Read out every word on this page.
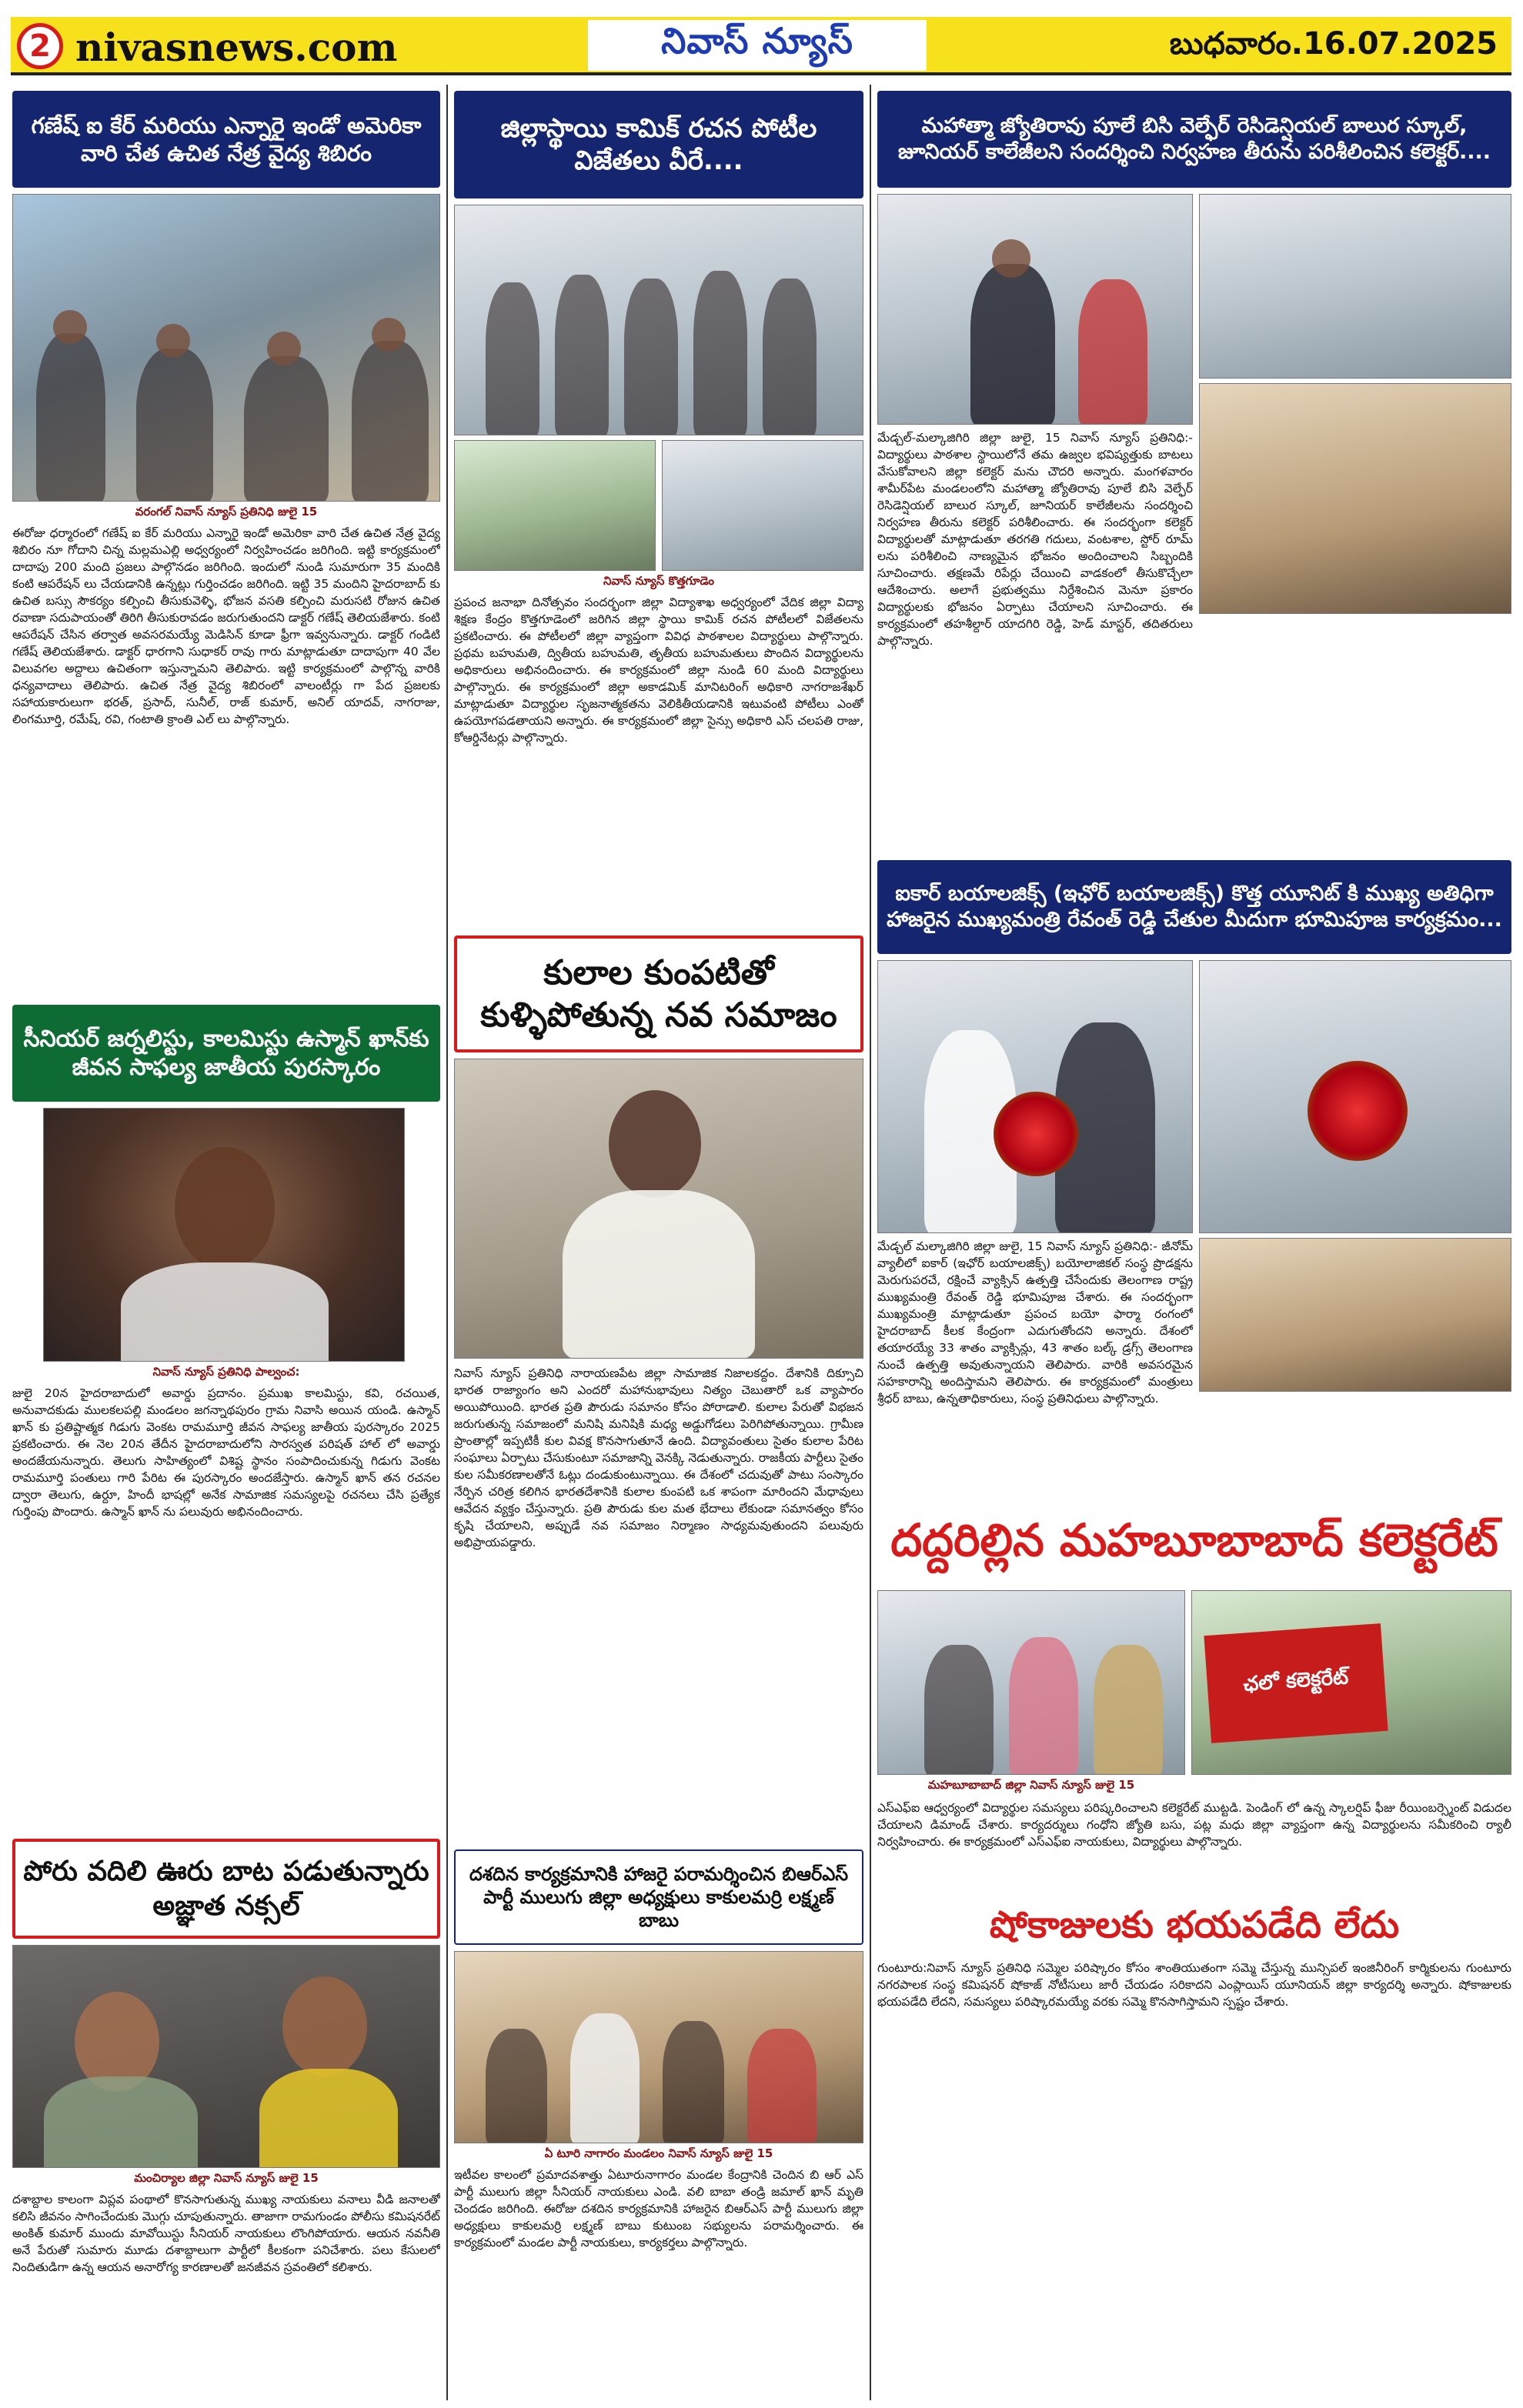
2 nivasnews.com	నివాస్ న్యూస్	బుధవారం.16.07.2025
గణేష్ ఐ కేర్ మరియు ఎన్నారై ఇండో అమెరికా వారి చేత ఉచిత నేత్ర వైద్య శిబిరం
వరంగల్ నివాస్ న్యూస్ ప్రతినిధి జులై 15
ఈరోజు ధర్మారంలో గణేష్ ఐ కేర్ మరియు ఎన్నారై ఇండో అమెరికా వారి చేత ఉచిత నేత్ర వైద్య శిబిరం నూ గోదాని చిన్న మల్లమఎల్లి అధ్వర్యంలో నిర్వహించడం జరిగింది. ఇట్టి కార్యక్రమంలో దాదాపు 200 మంది ప్రజలు పాల్గొనడం జరిగింది. ఇందులో నుండి సుమారుగా 35 మందికి కంటి ఆపరేషన్ లు చేయడానికి ఉన్నట్లు గుర్తించడం జరిగింది. ఇట్టి 35 మందిని హైదరాబాద్ కు ఉచిత బస్సు సౌకర్యం కల్పించి తీసుకువెళ్ళి, భోజన వసతి కల్పించి మరుసటి రోజున ఉచిత రవాణా సదుపాయంతో తిరిగి తీసుకురావడం జరుగుతుందని డాక్టర్ గణేష్ తెలియజేశారు. కంటి ఆపరేషన్ చేసిన తర్వాత అవసరమయ్యే మెడిసిన్ కూడా ఫ్రీగా ఇవ్వనున్నారు. డాక్టర్ గండిటి గణేష్ తెలియజేశారు. డాక్టర్ ధారగాని సుధాకర్ రావు గారు మాట్లాడుతూ దాదాపుగా 40 వేల విలువగల అద్దాలు ఉచితంగా ఇస్తున్నామని తెలిపారు. ఇట్టి కార్యక్రమంలో పాల్గొన్న వారికి ధన్యవాదాలు తెలిపారు. ఉచిత నేత్ర వైద్య శిబిరంలో వాలంటీర్లు గా పేద ప్రజలకు సహాయకారులుగా భరత్, ప్రసాద్, సునీల్, రాజ్ కుమార్, అనిల్ యాదవ్, నాగరాజు, లింగమూర్తి, రమేష్, రవి, గంటాతి క్రాంతి ఎల్ లు పాల్గొన్నారు.
సీనియర్ జర్నలిస్టు, కాలమిస్టు ఉస్మాన్ ఖాన్‌కు జీవన సాఫల్య జాతీయ పురస్కారం
నివాస్ న్యూస్ ప్రతినిధి పాల్వంచ:
జులై 20న హైదరాబాదులో అవార్డు ప్రదానం. ప్రముఖ కాలమిస్టు, కవి, రచయిత, అనువాదకుడు ములకలపల్లి మండలం జగన్నాథపురం గ్రామ నివాసి అయిన యండి. ఉస్మాన్ ఖాన్ కు ప్రతిష్టాత్మక గిడుగు వెంకట రామమూర్తి జీవన సాఫల్య జాతీయ పురస్కారం 2025 ప్రకటించారు. ఈ నెల 20న తేదీన హైదరాబాదులోని సారస్వత పరిషత్ హాల్ లో అవార్డు అందజేయనున్నారు. తెలుగు సాహిత్యంలో విశిష్ట స్థానం సంపాదించుకున్న గిడుగు వెంకట రామమూర్తి పంతులు గారి పేరిట ఈ పురస్కారం అందజేస్తారు. ఉస్మాన్ ఖాన్ తన రచనల ద్వారా తెలుగు, ఉర్దూ, హిందీ భాషల్లో అనేక సామాజిక సమస్యలపై రచనలు చేసి ప్రత్యేక గుర్తింపు పొందారు. ఉస్మాన్ ఖాన్ ను పలువురు అభినందించారు.
పోరు వదిలి ఊరు బాట పడుతున్నారు అజ్ఞాత నక్సల్
మంచిర్యాల జిల్లా నివాస్ న్యూస్ జులై 15
దశాబ్దాల కాలంగా విప్లవ పంథాలో కొనసాగుతున్న ముఖ్య నాయకులు వనాలు వీడి జనాలతో కలిసి జీవనం సాగించేందుకు మొగ్గు చూపుతున్నారు. తాజాగా రామగుండం పోలీసు కమిషనరేట్ అంకిత్ కుమార్ ముందు మావోయిస్టు సీనియర్ నాయకులు లొంగిపోయారు. ఆయన నవనీతి అనే పేరుతో సుమారు మూడు దశాబ్దాలుగా పార్టీలో కీలకంగా పనిచేశారు. పలు కేసులలో నిందితుడిగా ఉన్న ఆయన అనారోగ్య కారణాలతో జనజీవన స్రవంతిలో కలిశారు.
జిల్లాస్థాయి కామిక్ రచన పోటీల విజేతలు వీరే....
నివాస్ న్యూస్ కొత్తగూడెం
ప్రపంచ జనాభా దినోత్సవం సందర్భంగా జిల్లా విద్యాశాఖ అధ్వర్యంలో వేదిక జిల్లా విద్యా శిక్షణ కేంద్రం కొత్తగూడెంలో జరిగిన జిల్లా స్థాయి కామిక్ రచన పోటీలలో విజేతలను ప్రకటించారు. ఈ పోటీలలో జిల్లా వ్యాప్తంగా వివిధ పాఠశాలల విద్యార్థులు పాల్గొన్నారు. ప్రథమ బహుమతి, ద్వితీయ బహుమతి, తృతీయ బహుమతులు పొందిన విద్యార్థులను అధికారులు అభినందించారు. ఈ కార్యక్రమంలో జిల్లా నుండి 60 మంది విద్యార్థులు పాల్గొన్నారు. ఈ కార్యక్రమంలో జిల్లా అకాడమిక్ మానిటరింగ్ అధికారి నాగరాజశేఖర్ మాట్లాడుతూ విద్యార్థుల సృజనాత్మకతను వెలికితీయడానికి ఇటువంటి పోటీలు ఎంతో ఉపయోగపడతాయని అన్నారు. ఈ కార్యక్రమంలో జిల్లా సైన్సు అధికారి ఎస్ చలపతి రాజు, కోఆర్డినేటర్లు పాల్గొన్నారు.
కులాల కుంపటితో కుళ్ళిపోతున్న నవ సమాజం
నివాస్ న్యూస్ ప్రతినిధి నారాయణపేట జిల్లా సామాజిక నిజాలకద్దం. దేశానికి దిక్సూచి భారత రాజ్యాంగం అని ఎందరో మహానుభావులు నిత్యం చెబుతారో ఒక వ్యాపారం అయిపోయింది. భారత ప్రతి పౌరుడు సమానం కోసం పోరాడాలి. కులాల పేరుతో విభజన జరుగుతున్న సమాజంలో మనిషి మనిషికి మధ్య అడ్డుగోడలు పెరిగిపోతున్నాయి. గ్రామీణ ప్రాంతాల్లో ఇప్పటికీ కుల వివక్ష కొనసాగుతూనే ఉంది. విద్యావంతులు సైతం కులాల పేరిట సంఘాలు ఏర్పాటు చేసుకుంటూ సమాజాన్ని వెనక్కి నెడుతున్నారు. రాజకీయ పార్టీలు సైతం కుల సమీకరణాలతోనే ఓట్లు దండుకుంటున్నాయి. ఈ దేశంలో చదువుతో పాటు సంస్కారం నేర్పిన చరిత్ర కలిగిన భారతదేశానికి కులాల కుంపటి ఒక శాపంగా మారిందని మేధావులు ఆవేదన వ్యక్తం చేస్తున్నారు. ప్రతి పౌరుడు కుల మత భేదాలు లేకుండా సమానత్వం కోసం కృషి చేయాలని, అప్పుడే నవ సమాజం నిర్మాణం సాధ్యమవుతుందని పలువురు అభిప్రాయపడ్డారు.
దశదిన కార్యక్రమానికి హాజరై పరామర్శించిన బిఆర్ఎస్ పార్టీ ములుగు జిల్లా అధ్యక్షులు కాకులమర్రి లక్ష్మణ్ బాబు
ఏ టూరి నాగారం మండలం నివాస్ న్యూస్ జులై 15
ఇటీవల కాలంలో ప్రమాదవశాత్తు ఏటూరునాగారం మండల కేంద్రానికి చెందిన బి ఆర్ ఎస్ పార్టీ ములుగు జిల్లా సీనియర్ నాయకులు ఎండి. వలి బాబా తండ్రి జమాల్ ఖాన్ మృతి చెందడం జరిగింది. ఈరోజు దశదిన కార్యక్రమానికి హాజరైన బిఆర్ఎస్ పార్టీ ములుగు జిల్లా అధ్యక్షులు కాకులమర్రి లక్ష్మణ్ బాబు కుటుంబ సభ్యులను పరామర్శించారు. ఈ కార్యక్రమంలో మండల పార్టీ నాయకులు, కార్యకర్తలు పాల్గొన్నారు.
మహాత్మా జ్యోతిరావు పూలే బిసి వెల్ఫేర్ రెసిడెన్షియల్ బాలుర స్కూల్, జూనియర్ కాలేజీలని సందర్శించి నిర్వహణ తీరును పరిశీలించిన కలెక్టర్....
మేడ్చల్-మల్కాజిగిరి జిల్లా జులై, 15 నివాస్ న్యూస్ ప్రతినిధి:- విద్యార్థులు పాఠశాల స్థాయిలోనే తమ ఉజ్వల భవిష్యత్తుకు బాటలు వేసుకోవాలని జిల్లా కలెక్టర్ మను చౌదరి అన్నారు. మంగళవారం శామీర్‌పేట మండలంలోని మహాత్మా జ్యోతిరావు పూలే బిసి వెల్ఫేర్ రెసిడెన్షియల్ బాలుర స్కూల్, జూనియర్ కాలేజీలను సందర్శించి నిర్వహణ తీరును కలెక్టర్ పరిశీలించారు. ఈ సందర్భంగా కలెక్టర్ విద్యార్థులతో మాట్లాడుతూ తరగతి గదులు, వంటశాల, స్టోర్ రూమ్ లను పరిశీలించి నాణ్యమైన భోజనం అందించాలని సిబ్బందికి సూచించారు. తక్షణమే రిపేర్లు చేయించి వాడకంలో తీసుకొచ్చేలా ఆదేశించారు. అలాగే ప్రభుత్వము నిర్దేశించిన మెనూ ప్రకారం విద్యార్థులకు భోజనం ఏర్పాటు చేయాలని సూచించారు. ఈ కార్యక్రమంలో తహశీల్దార్ యాదగిరి రెడ్డి, హెడ్ మాస్టర్, తదితరులు పాల్గొన్నారు.
ఐకార్ బయాలజిక్స్ (ఇఛోర్ బయాలజిక్స్) కొత్త యూనిట్ కి ముఖ్య అతిధిగా హాజరైన ముఖ్యమంత్రి రేవంత్ రెడ్డి చేతుల మీదుగా భూమిపూజ కార్యక్రమం...
మేడ్చల్ మల్కాజిగిరి జిల్లా జులై, 15 నివాస్ న్యూస్ ప్రతినిధి:- జీనోమ్ వ్యాలీలో ఐకార్ (ఇఛోర్ బయాలజిక్స్) బయోలాజికల్ సంస్థ ప్రొడక్షను మెరుగుపరచే, రక్షించే వ్యాక్సిన్ ఉత్పత్తి చేసేందుకు తెలంగాణ రాష్ట్ర ముఖ్యమంత్రి రేవంత్ రెడ్డి భూమిపూజ చేశారు. ఈ సందర్భంగా ముఖ్యమంత్రి మాట్లాడుతూ ప్రపంచ బయో ఫార్మా రంగంలో హైదరాబాద్ కీలక కేంద్రంగా ఎదుగుతోందని అన్నారు. దేశంలో తయారయ్యే 33 శాతం వ్యాక్సిన్లు, 43 శాతం బల్క్ డ్రగ్స్ తెలంగాణ నుంచే ఉత్పత్తి అవుతున్నాయని తెలిపారు. వారికి అవసరమైన సహకారాన్ని అందిస్తామని తెలిపారు. ఈ కార్యక్రమంలో మంత్రులు శ్రీధర్ బాబు, ఉన్నతాధికారులు, సంస్థ ప్రతినిధులు పాల్గొన్నారు.
దద్దరిల్లిన మహబూబాబాద్ కలెక్టరేట్
మహబూబాబాద్ జిల్లా నివాస్ న్యూస్ జులై 15
ఛలో కలెక్టరేట్
ఎస్ఎఫ్ఐ ఆధ్వర్యంలో విద్యార్థుల సమస్యలు పరిష్కరించాలని కలెక్టరేట్ ముట్టడి. పెండింగ్ లో ఉన్న స్కాలర్షిప్ ఫీజు రీయింబర్స్మెంట్ విడుదల చేయాలని డిమాండ్ చేశారు. కార్యదర్శులు గంధోని జ్యోతి బసు, పట్ల మధు జిల్లా వ్యాప్తంగా ఉన్న విద్యార్థులను సమీకరించి ర్యాలీ నిర్వహించారు. ఈ కార్యక్రమంలో ఎస్ఎఫ్ఐ నాయకులు, విద్యార్థులు పాల్గొన్నారు.
షోకాజులకు భయపడేది లేదు
గుంటూరు:నివాస్ న్యూస్ ప్రతినిధి సమ్మెల పరిష్కారం కోసం శాంతియుతంగా సమ్మె చేస్తున్న మున్సిపల్ ఇంజినీరింగ్ కార్మికులను గుంటూరు నగరపాలక సంస్థ కమిషనర్ షోకాజ్ నోటీసులు జారీ చేయడం సరికాదని ఎంప్లాయిస్ యూనియన్ జిల్లా కార్యదర్శి అన్నారు. షోకాజులకు భయపడేది లేదని, సమస్యలు పరిష్కారమయ్యే వరకు సమ్మె కొనసాగిస్తామని స్పష్టం చేశారు.
